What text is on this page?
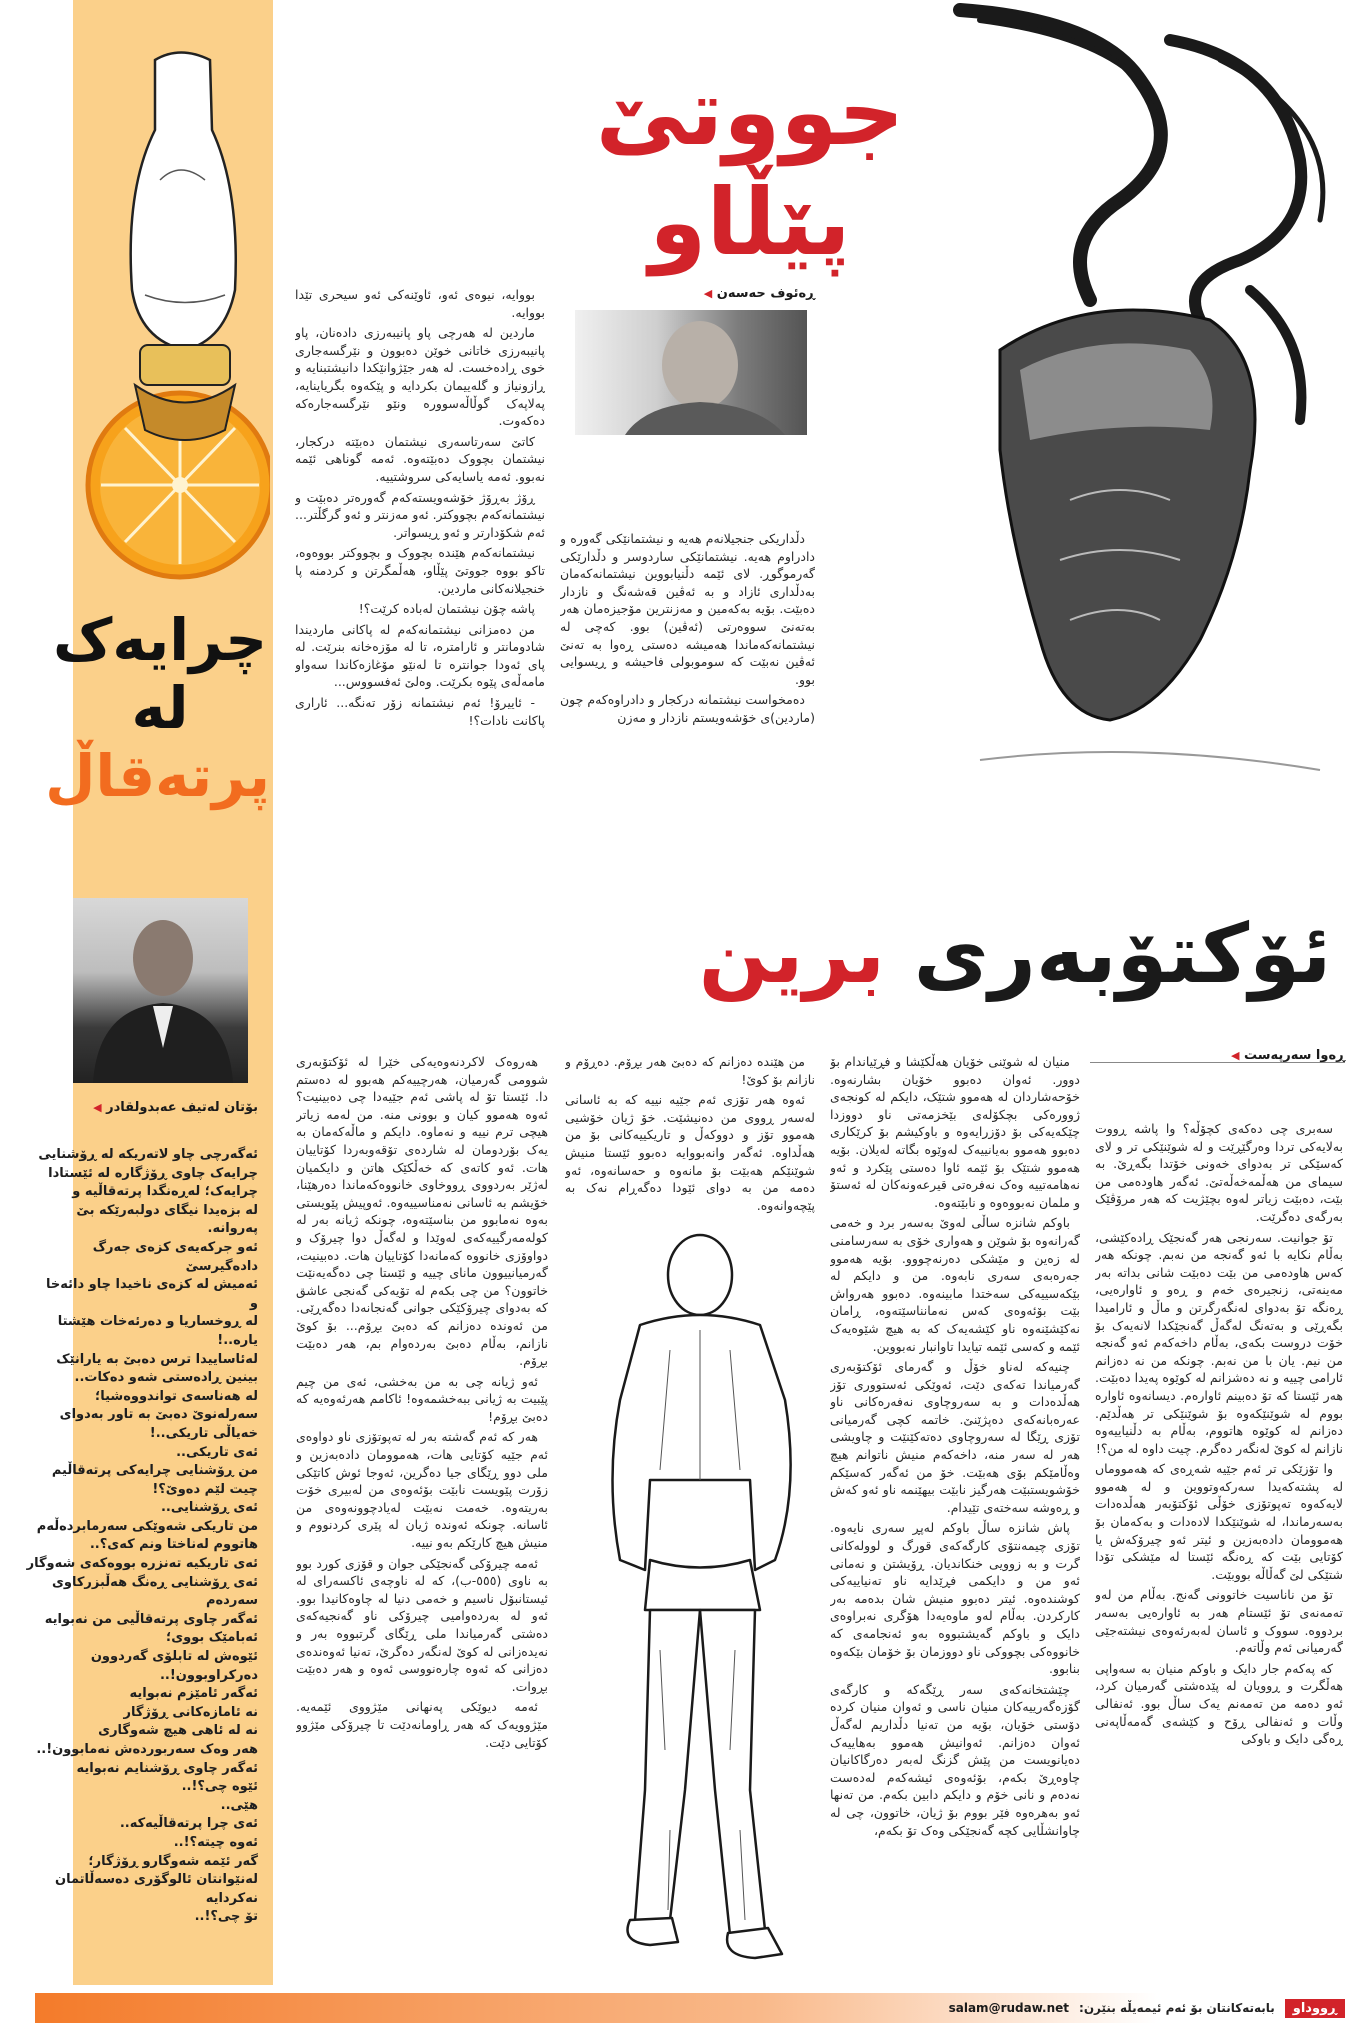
چرایەک
لە
پرتەقاڵ
بۆتان لەتیف عەبدولقادر ◀
ئەگەرچی چاو لاتەریکە لە ڕۆشنایی
چرایەک چاوی ڕۆژگارە لە ئێستادا
چرایەک؛ لەڕەنگدا پرتەقاڵیە و
لە بزەیدا نیگای دولبەرێکە بێ
پەروانە.
ئەو جرکەیەی کزەی جەرگ
دادەگیرسێ
ئەمیش لە کزەی ناخیدا چاو دائەخا
و
لە ڕوخساریا و دەرئەخات هێشتا
یارە..!
لەئاساییدا ترس دەبێ بە یارانێک
بینین ڕادەستی شەو دەکات..
لە هەناسەی تواندووەشیا؛
سەرلەنوێ دەبێ بە تاور بەدوای
خەیاڵی تاریکی..!
ئەی تاریکی..
من ڕۆشنایی چرایەکی پرتەقاڵیم
چیت لێم دەوێ؟!
ئەی ڕۆشنایی..
من تاریکی شەوێکی سەرمابردەڵەم
هاتووم لەناختا ونم کەی؟..
ئەی تاریکیە تەنزرە بووەکەی شەوگار
ئەی ڕۆشنایی ڕەنگ هەڵبزرکاوی
سەردەم
ئەگەر چاوی پرتەقاڵیی من نەبوایە
ئەبامێک بووی؛
ئێوەش لە تابلۆی گەردوون
دەرکراوبوون!..
ئەگەر ئامێزم نەبوایە
نە ئامازەکانی ڕۆژگار
نە لە ئاهی هیچ شەوگاری
هەر وەک سەربوردەش نەمابوون!..
ئەگەر چاوی ڕۆشنایم نەبوایە
ئێوە چی؟!..
هێی..
ئەی چرا پرتەقاڵیەکە..
ئەوە چیتە؟!..
گەر ئێمە شەوگارو ڕۆژگار؛
لەنێوانتان ئالوگۆری دەسەڵاتمان
نەکردایە
تۆ چی؟!..
جووتێ پێڵاو
ڕەئوف حەسەن ◀

دڵداریکی جنجیلانەم هەیە و نیشتمانێکی گەورە و دادراوم هەیە. نیشتمانێکی ساردوسر و دڵدارێکی گەرموگوڕ. لای ئێمە دڵنیابووین نیشتمانەکەمان بەدڵداری ئازاد و بە ئەڤین قەشەنگ و نازدار دەبێت. بۆیە بەکەمین و مەزنترین مۆجیزەمان هەر بەتەنێ سووەرتی (ئەڤین) بوو. کەچی لە نیشتمانەکەماندا هەمیشە دەستی ڕەوا بە تەنێ ئەڤین نەبێت کە سوموبولی فاحیشە و ڕیسوایی بوو.

دەمخواست نیشتمانە درکجار و دادراوەکەم چون (ماردین)ی خۆشەویستم نازدار و مەزن

بووایە، نیوەی ئەو، ئاوێنەکی ئەو سیحری تێدا بووایە.

ماردین لە هەرچی پاو پانیبەرزی دادەنان، پاو پانیبەرزی خاتانی خوێن دەبوون و نێرگسەجاری خوی ڕادەخست. لە هەر جێژوانێکدا دانیشتبنایە و ڕازونیاز و گلەییمان بکردایە و پێکەوە بگریاینایە، پەلاپەک گوڵاڵەسووره ونێو نێرگسەجارەکە دەکەوت.

کاتێ سەرتاسەری نیشتمان دەبێتە درکجار، نیشتمان بچووک دەبێتەوە. ئەمە گوناهی ئێمە نەبوو. ئەمە یاسایەکی سروشتییە.

ڕۆژ بەڕۆژ خۆشەویستەکەم گەورەتر دەبێت و نیشتمانەکەم بچووکتر. ئەو مەزنتر و ئەو گرگڵتر... ئەم شکۆدارتر و ئەو ڕیسواتر.

نیشتمانەکەم هێندە بچووک و بچووکتر بووەوە، تاکو بووە جووتێ پێڵاو، هەڵمگرتن و کردمنە پا خنجیلانەکانی ماردین.

پاشە چۆن نیشتمان لەبادە کرێت؟!

من دەمزانی نیشتمانەکەم لە پاکانی ماردیندا شادومانتر و ئارامترە، تا لە مۆزەخانە بنرێت. لە پای ئەودا جوانترە تا لەنێو مۆغازەکاندا سەواو مامەڵەی پێوە بکرێت. وەلێ ئەفسووس...

- ئاییرۆ! ئەم نیشتمانە زۆر تەنگە... ئاراری پاکانت نادات؟!

ئۆکتۆبەری برین
ڕەوا سەرپەست ◀

سەبری چی دەکەی کچۆڵە؟ وا پاشە ڕووت بەلایەکی تردا وەرگێڕێت و لە شوێنێکی تر و لای کەسێکی تر بەدوای خەونی خۆتدا بگەڕێ. بە سیمای من هەڵمەخەڵەتێ. ئەگەر هاودەمی من بێت، دەبێت زیاتر لەوە بچێژیت کە هەر مرۆڤێک بەرگەی دەگرێت.

تۆ جوانیت. سەرنجی هەر گەنجێک ڕادەکێشی، بەڵام نکایە با ئەو گەنجە من نەبم. چونکە هەر کەس هاودەمی من بێت دەبێت شانی بداتە بەر مەینەتی، زنجیرەی خەم و ڕەو و ئاوارەیی، ڕەنگە تۆ بەدوای لەنگەرگرتن و ماڵ و ئارامیدا بگەڕێی و بەتەنگ لەگەڵ گەنجێکدا لانەیەک بۆ خۆت دروست بکەی، بەڵام داخەکەم ئەو گەنجە من نیم. یان با من نەبم. چونکە من نە دەزانم ئارامی چییە و نە دەشزانم لە کوێوە پەیدا دەبێت. هەر ئێستا کە تۆ دەبینم ئاوارەم. دیسانەوە ئاوارە بووم لە شوێنێکەوە بۆ شوێنێکی تر هەڵدێم. دەزانم لە کوێوە هاتووم، بەڵام بە دڵنیاییەوە نازانم لە کوێ لەنگەر دەگرم. چیت داوە لە من؟!

وا تۆزێکی تر ئەم جێیە شەڕەی کە هەمووماں لە پشتەکەیدا سەرکەوتووین و لە هەموو لایەکەوە تەپوتۆزی خۆڵی ئۆکتۆبەر هەڵدەدات بەسەرماندا، لە شوێنێکدا لادەدات و بەکەمان بۆ هەموومان دادەبەزین و ئیتر ئەو چیرۆکەش یا کۆتایی بێت کە ڕەنگە ئێستا لە مێشکی تۆدا شتێکی لێ گەڵاڵە بووبێت.

تۆ من ناناسیت خاتوونی گەنج. بەڵام من لەو تەمەنەی تۆ ئێستام هەر بە ئاوارەیی بەسەر بردووە. سووک و ئاسان لەبەرئەوەی نیشتەجێی گەرمیانی ئەم وڵاتەم.

کە پەکەم جار دایک و باوکم منیان بە سەواپی هەڵگرت و ڕوویان لە پێدەشتی گەرمیان کرد، ئەو دەمە من تەمەنم یەک ساڵ بوو. ئەنفالی وڵات و ئەنفالی ڕۆح و کێشەی گەمەڵاپەنی ڕەگی دایک و باوکی

منیان لە شوێنی خۆیان هەڵکێشا و فڕێیاندام بۆ دوور. ئەوان دەبوو خۆیان بشارنەوە. خۆحەشاردان لە هەموو شتێک، دایکم لە کونجەی ژوورەکی بچکۆلەی بێخزمەتی ناو دووزدا چێکەیەکی بۆ دۆزرایەوە و باوکیشم بۆ کرێکاری دەبوو هەموو بەیانییەک لەوێوە بگاتە لەیلان. بۆیە هەموو شتێک بۆ ئێمە ئاوا دەستی پێکرد و ئەو نەهامەتییە وەک نەفرەتی قیرعەونەکان لە ئەستۆ و ملمان نەبووەوە و نابێتەوە.

باوکم شانزە ساڵی لەوێ بەسەر برد و خەمی گەرانەوە بۆ شوێن و هەواری خۆی بە سەرسامنی لە زەین و مێشکی دەرنەچووو. بۆیە هەموو جەرەبەی سەری نابەوە. من و دایکم لە بێکەسییەکی سەختدا مابینەوە. دەبوو هەرواش بێت بۆئەوەی کەس نەمانناسێتەوە، ڕامان نەکێشێنەوە ناو کێشەیەک کە بە هیچ شێوەیەک ئێمە و کەسی ئێمە تیایدا تاوانبار نەبووین.

چنیەکە لەناو خۆڵ و گەرمای ئۆکتۆبەری گەرمیاندا تەکەی دێت، ئەوێکی ئەستووری تۆز هەڵدەدات و بە سەروچاوی نەفەرەکانی ناو عەرەبانەکەی دەپژێنێ. خاتمە کچی گەرمیانی تۆزی ڕێگا لە سەروچاوی دەتەکێنێت و چاویشی هەر لە سەر منە، داخەکەم منیش ناتوانم هیچ وەڵامێکم بۆی هەبێت. خۆ من ئەگەر کەسێکم خۆشویستبێت هەرگیز نابێت بیهێنمە ناو ئەو کەش و ڕەوشە سەختەی تێیدام.

پاش شانزە ساڵ باوکم لەپڕ سەری نایەوە. تۆزی چیمەنتۆی کارگەکەی قورگ و لوولەکانی گرت و بە زوویی خنکاندیان. ڕۆیشتن و نەمانی ئەو من و دایکمی فڕێدایە ناو تەنیاییەکی کوشندەوە. ئیتر دەبوو منیش شان بدەمە بەر کارکردن. بەڵام لەو ماوەیەدا هۆگری نەبراوەی دایک و باوکم گەیشتبووە بەو ئەنجامەی کە خانووەکی بچووکی ناو دووزمان بۆ خۆمان بێکەوە بنابوو.

چێشتخانەکەی سەر ڕێگەکە و کارگەی گۆزەگەرییەکان منیان ناسی و ئەوان منیان کردە دۆستی خۆیان، بۆیە من تەنیا دڵداریم لەگەڵ ئەوان دەزانم. ئەوانیش هەموو بەهاییەک دەیانویست من پێش گزنگ لەبەر دەرگاکانیان چاوەڕێ بکەم، بۆئەوەی ئیشەکەم لەدەست نەدەم و نانی خۆم و دایکم دابین بکەم. من تەنها ئەو بەهرەوە فێر بووم بۆ ژیان، خاتوون، چی لە چاوانشڵایی کچە گەنجێکی وەک تۆ بکەم،

من هێندە دەزانم کە دەبێ هەر بڕۆم. دەڕۆم و نازانم بۆ کوێ!

ئەوە هەر تۆزی ئەم جێیە نییە کە بە ئاسانی لەسەر ڕووی من دەنیشێت. خۆ ژیان خۆشیی هەموو تۆز و دووکەڵ و تاریکییەکانی بۆ من هەڵداوە. ئەگەر وانەبووایە دەبوو ئێستا منیش شوێنێکم هەبێت بۆ مانەوە و حەسانەوە، ئەو دەمە من بە دوای ئێودا دەگەڕام نەک بە پێچەوانەوە.

هەروەک لاکردنەوەیەکی خێرا لە ئۆکتۆبەری شوومی گەرمیان، هەرچییەکم هەبوو لە دەستم دا. ئێستا تۆ لە پاشی ئەم جێیەدا چی دەبینیت؟ ئەوە هەموو کیان و بوونی منە. من لەمە زیاتر هیچی ترم نییە و نەماوە. دایکم و ماڵەکەمان بە یەک بۆردومان لە شاردەی تۆقەوبەردا کۆتاییان هات. ئەو کاتەی کە خەڵکێک هاتن و دایکمیان لەژێر بەردووی ڕووخاوی خانووەکەماندا دەرهێنا، خۆیشم بە ئاسانی نەمناسییەوە. ئەوپیش پێویستی بەوە نەمابوو من بناسێتەوە، چونکە ژیانە بەر لە کولەمەرگییەکەی لەوێدا و لەگەڵ دوا چیرۆک و دواوۆزی خانووە کەمانەدا کۆتاییان هات. دەبینیت، گەرمیانییوون مانای چییە و ئێستا چی دەگەیەنێت خاتوون؟ من چی بکەم لە تۆیەکی گەنجی عاشق کە بەدوای چیرۆکێکی جوانی گەنجانەدا دەگەڕێی. من ئەوندە دەزانم کە دەبێ بڕۆم... بۆ کوێ نازانم، بەڵام دەبێ بەردەوام بم، هەر دەبێت بڕۆم.

ئەو ژیانە چی بە من بەخشی، ئەی من چیم پێبیت بە ژیانی ببەخشمەوە! ئاکامم هەرئەوەیە کە دەبێ بڕۆم!

هەر کە ئەم گەشتە بەر لە تەپوتۆزی ناو دواوەی ئەم جێیە کۆتایی هات، هەموومان دادەبەزین و ملی دوو ڕێگای جیا دەگرین، ئەوجا ئوش کاتێکی زۆرت پێویست نابێت بۆئەوەی من لەبیری خۆت بەریتەوە. خەمت نەبێت لەیادچوونەوەی من ئاسانە. چونکە ئەوندە ژیان لە پێری کردنووم و منیش هیچ کارێکم بەو نییە.

ئەمە چیرۆکی گەنجێکی جوان و قۆزی کورد بوو بە ناوی (٥٥٥-ب)، کە لە ناوچەی ئاکسەرای لە ئیستانبۆل ناسیم و خەمی دنیا لە چاوەکانیدا بوو. ئەو لە بەردەوامیی چیرۆکی ناو گەنجیەکەی دەشتی گەرمیاندا ملی ڕێگای گرتبووە بەر و نەیدەزانی لە کوێ لەنگەر دەگرێ، تەنیا ئەوەندەی دەزانی کە ئەوە چارەنووسی ئەوە و هەر دەبێت بڕوات.

ئەمە دیوێکی پەنهانی مێژووی ئێمەیە. مێژوویەک کە هەر ڕاومانەدێت تا چیرۆکی مێژوو کۆتایی دێت.

ڕووداو
بابەتەکانتان بۆ ئەم ئیمەیڵە بنێرن:
salam@rudaw.net
